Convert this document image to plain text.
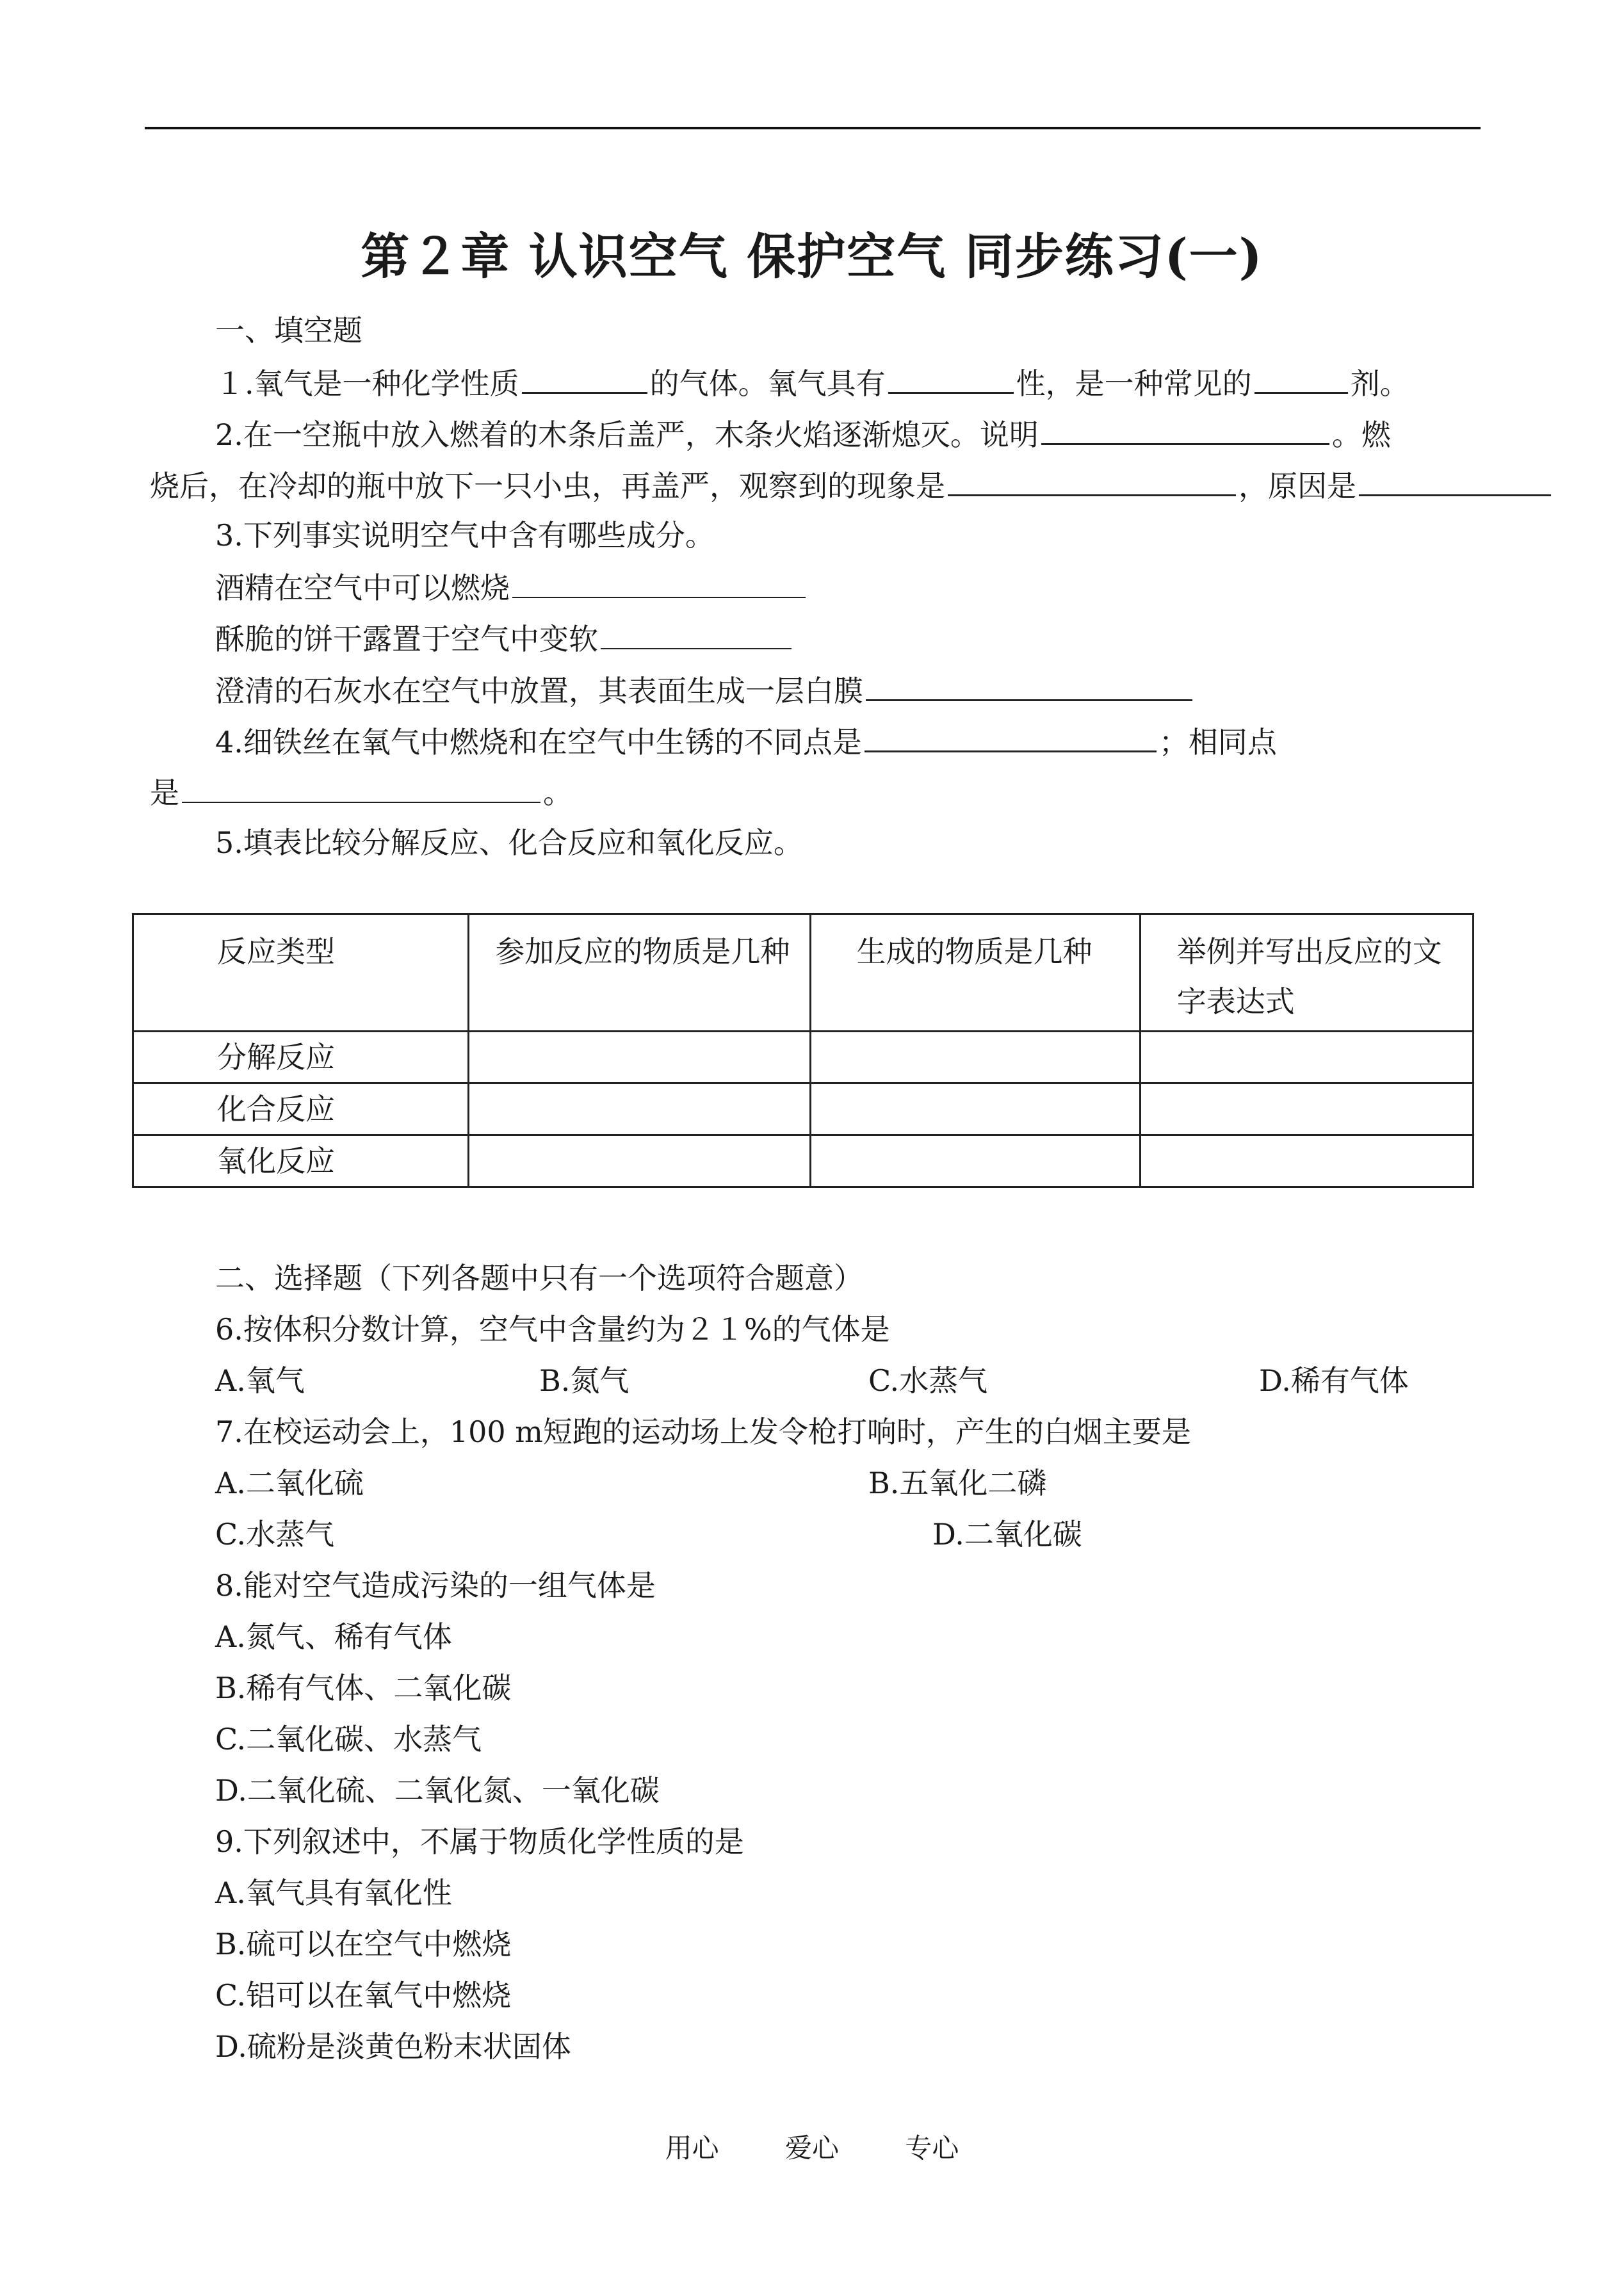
第２章 认识空气 保护空气 同步练习(一)
一、填空题
１.氧气是一种化学性质	的气体。氧气具有	性，是一种常见的	剂。
2.在一空瓶中放入燃着的木条后盖严，木条火焰逐渐熄灭。说明	。燃
烧后，在冷却的瓶中放下一只小虫，再盖严，观察到的现象是	，原因是
3.下列事实说明空气中含有哪些成分。
酒精在空气中可以燃烧
酥脆的饼干露置于空气中变软
澄清的石灰水在空气中放置，其表面生成一层白膜
4.细铁丝在氧气中燃烧和在空气中生锈的不同点是	；相同点
是	。
5.填表比较分解反应、化合反应和氧化反应。
反应类型	参加反应的物质是几种	生成的物质是几种	举例并写出反应的文字表达式
分解反应			
化合反应			
氧化反应			
二、选择题（下列各题中只有一个选项符合题意）
6.按体积分数计算，空气中含量约为２１%的气体是
A.氧气	B.氮气	C.水蒸气	D.稀有气体
7.在校运动会上，100 m短跑的运动场上发令枪打响时，产生的白烟主要是
A.二氧化硫	B.五氧化二磷
C.水蒸气	D.二氧化碳
8.能对空气造成污染的一组气体是
A.氮气、稀有气体
B.稀有气体、二氧化碳
C.二氧化碳、水蒸气
D.二氧化硫、二氧化氮、一氧化碳
9.下列叙述中，不属于物质化学性质的是
A.氧气具有氧化性
B.硫可以在空气中燃烧
C.铝可以在氧气中燃烧
D.硫粉是淡黄色粉末状固体
用心 爱心 专心
